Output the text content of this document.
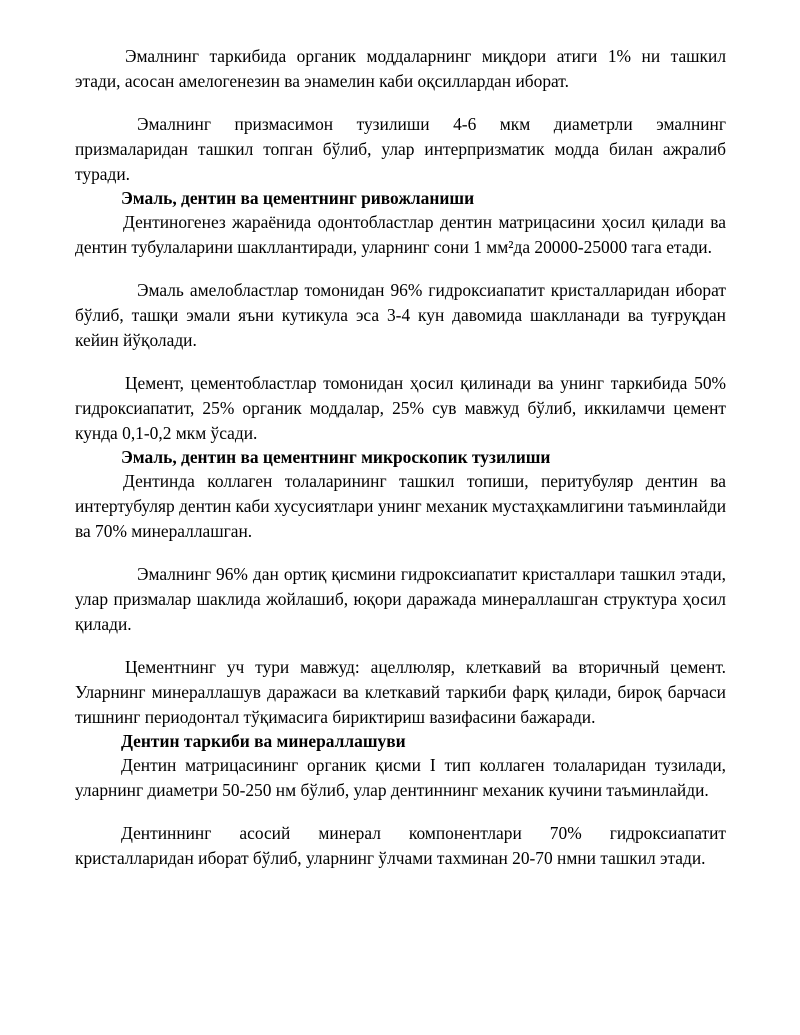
Эмалнинг таркибида органик моддаларнинг миқдори атиги 1% ни ташкил этади, асосан амелогенезин ва энамелин каби оқсиллардан иборат.

Эмалнинг призмасимон тузилиши 4-6 мкм диаметрли эмалнинг призмаларидан ташкил топган бўлиб, улар интерпризматик модда билан ажралиб туради.

Эмаль, дентин ва цементнинг ривожланиши

Дентиногенез жараёнида одонтобластлар дентин матрицасини ҳосил қилади ва дентин тубулаларини шакллантиради, уларнинг сони 1 мм²да 20000-25000 тага етади.

Эмаль амелобластлар томонидан 96% гидроксиапатит кристалларидан иборат бўлиб, ташқи эмали яъни кутикула эса 3-4 кун давомида шаклланади ва туғруқдан кейин йўқолади.

Цемент, цементобластлар томонидан ҳосил қилинади ва унинг таркибида 50% гидроксиапатит, 25% органик моддалар, 25% сув мавжуд бўлиб, иккиламчи цемент кунда 0,1-0,2 мкм ўсади.

Эмаль, дентин ва цементнинг микроскопик тузилиши

Дентинда коллаген толаларининг ташкил топиши, перитубуляр дентин ва интертубуляр дентин каби хусусиятлари унинг механик мустаҳкамлигини таъминлайди ва 70% минераллашган.

Эмалнинг 96% дан ортиқ қисмини гидроксиапатит кристаллари ташкил этади, улар призмалар шаклида жойлашиб, юқори даражада минераллашган структура ҳосил қилади.

Цементнинг уч тури мавжуд: ацеллюляр, клеткавий ва вторичный цемент. Уларнинг минераллашув даражаси ва клеткавий таркиби фарқ қилади, бироқ барчаси тишнинг периодонтал тўқимасига бириктириш вазифасини бажаради.

Дентин таркиби ва минераллашуви

Дентин матрицасининг органик қисми I тип коллаген толаларидан тузилади, уларнинг диаметри 50-250 нм бўлиб, улар дентиннинг механик кучини таъминлайди.

Дентиннинг асосий минерал компонентлари 70% гидроксиапатит кристалларидан иборат бўлиб, уларнинг ўлчами тахминан 20-70 нмни ташкил этади.
